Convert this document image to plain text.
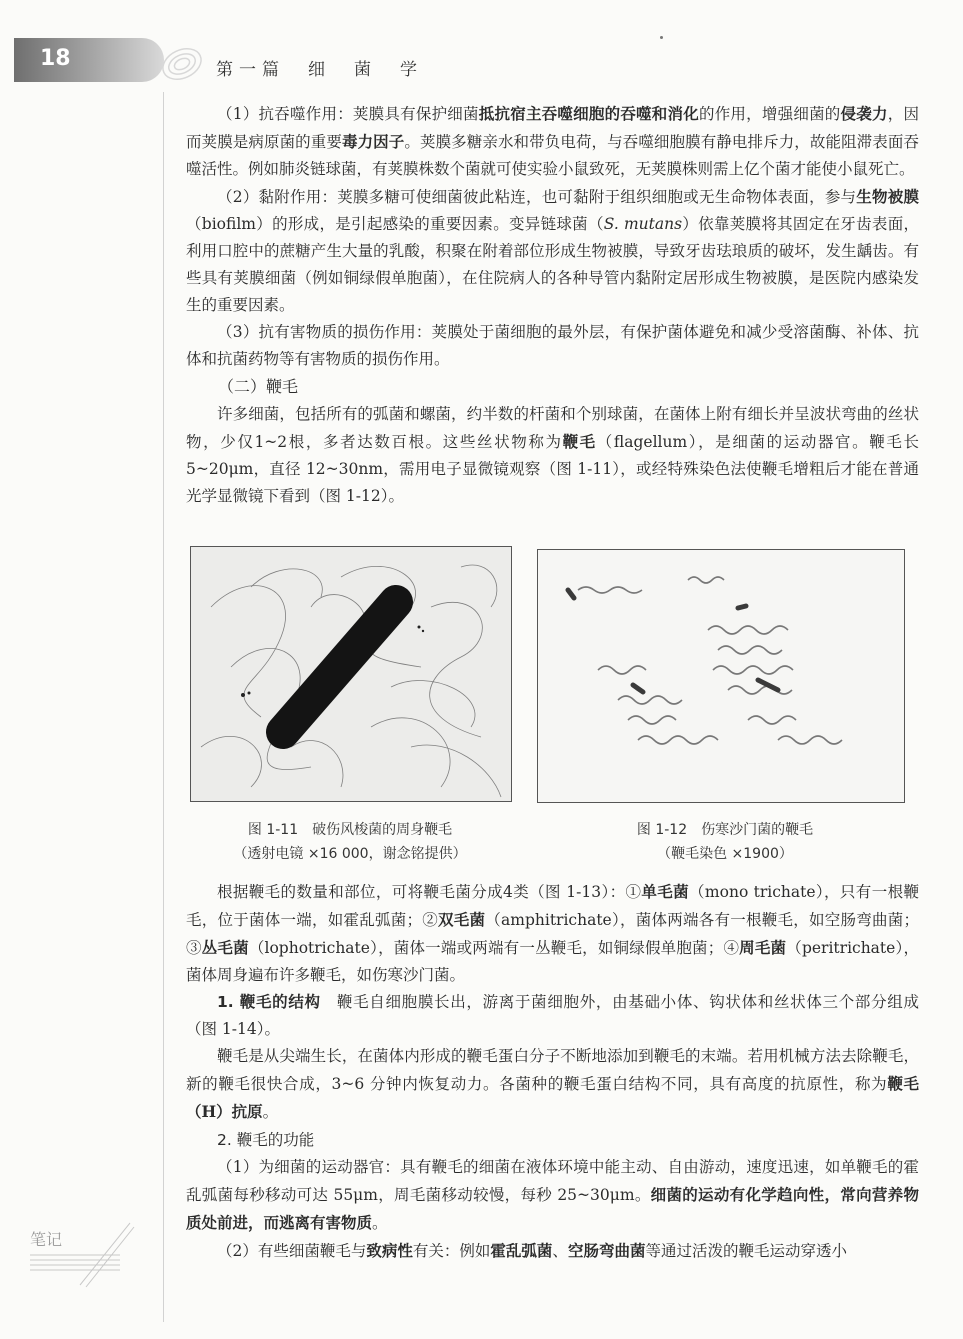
18	第一篇　细　菌　学

（1）抗吞噬作用：荚膜具有保护细菌抵抗宿主吞噬细胞的吞噬和消化的作用，增强细菌的侵袭力，因而荚膜是病原菌的重要毒力因子。荚膜多糖亲水和带负电荷，与吞噬细胞膜有静电排斥力，故能阻滞表面吞噬活性。例如肺炎链球菌，有荚膜株数个菌就可使实验小鼠致死，无荚膜株则需上亿个菌才能使小鼠死亡。

（2）黏附作用：荚膜多糖可使细菌彼此粘连，也可黏附于组织细胞或无生命物体表面，参与生物被膜（biofilm）的形成，是引起感染的重要因素。变异链球菌（S. mutans）依靠荚膜将其固定在牙齿表面，利用口腔中的蔗糖产生大量的乳酸，积聚在附着部位形成生物被膜，导致牙齿珐琅质的破坏，发生龋齿。有些具有荚膜细菌（例如铜绿假单胞菌），在住院病人的各种导管内黏附定居形成生物被膜，是医院内感染发生的重要因素。

（3）抗有害物质的损伤作用：荚膜处于菌细胞的最外层，有保护菌体避免和减少受溶菌酶、补体、抗体和抗菌药物等有害物质的损伤作用。

（二）鞭毛

许多细菌，包括所有的弧菌和螺菌，约半数的杆菌和个别球菌，在菌体上附有细长并呈波状弯曲的丝状物，少仅1~2根，多者达数百根。这些丝状物称为鞭毛（flagellum），是细菌的运动器官。鞭毛长 5~20μm，直径 12~30nm，需用电子显微镜观察（图 1-11），或经特殊染色法使鞭毛增粗后才能在普通光学显微镜下看到（图 1-12）。

图 1-11　破伤风梭菌的周身鞭毛
（透射电镜 ×16 000，谢念铭提供）
图 1-12　伤寒沙门菌的鞭毛
（鞭毛染色 ×1900）

根据鞭毛的数量和部位，可将鞭毛菌分成4类（图 1-13）：①单毛菌（mono trichate），只有一根鞭毛，位于菌体一端，如霍乱弧菌；②双毛菌（amphitrichate），菌体两端各有一根鞭毛，如空肠弯曲菌；③丛毛菌（lophotrichate），菌体一端或两端有一丛鞭毛，如铜绿假单胞菌；④周毛菌（peritrichate），菌体周身遍布许多鞭毛，如伤寒沙门菌。

1. 鞭毛的结构　鞭毛自细胞膜长出，游离于菌细胞外，由基础小体、钩状体和丝状体三个部分组成（图 1-14）。

鞭毛是从尖端生长，在菌体内形成的鞭毛蛋白分子不断地添加到鞭毛的末端。若用机械方法去除鞭毛，新的鞭毛很快合成，3~6 分钟内恢复动力。各菌种的鞭毛蛋白结构不同，具有高度的抗原性，称为鞭毛（H）抗原。

2. 鞭毛的功能

（1）为细菌的运动器官：具有鞭毛的细菌在液体环境中能主动、自由游动，速度迅速，如单鞭毛的霍乱弧菌每秒移动可达 55μm，周毛菌移动较慢，每秒 25~30μm。细菌的运动有化学趋向性，常向营养物质处前进，而逃离有害物质。

（2）有些细菌鞭毛与致病性有关：例如霍乱弧菌、空肠弯曲菌等通过活泼的鞭毛运动穿透小

笔记
